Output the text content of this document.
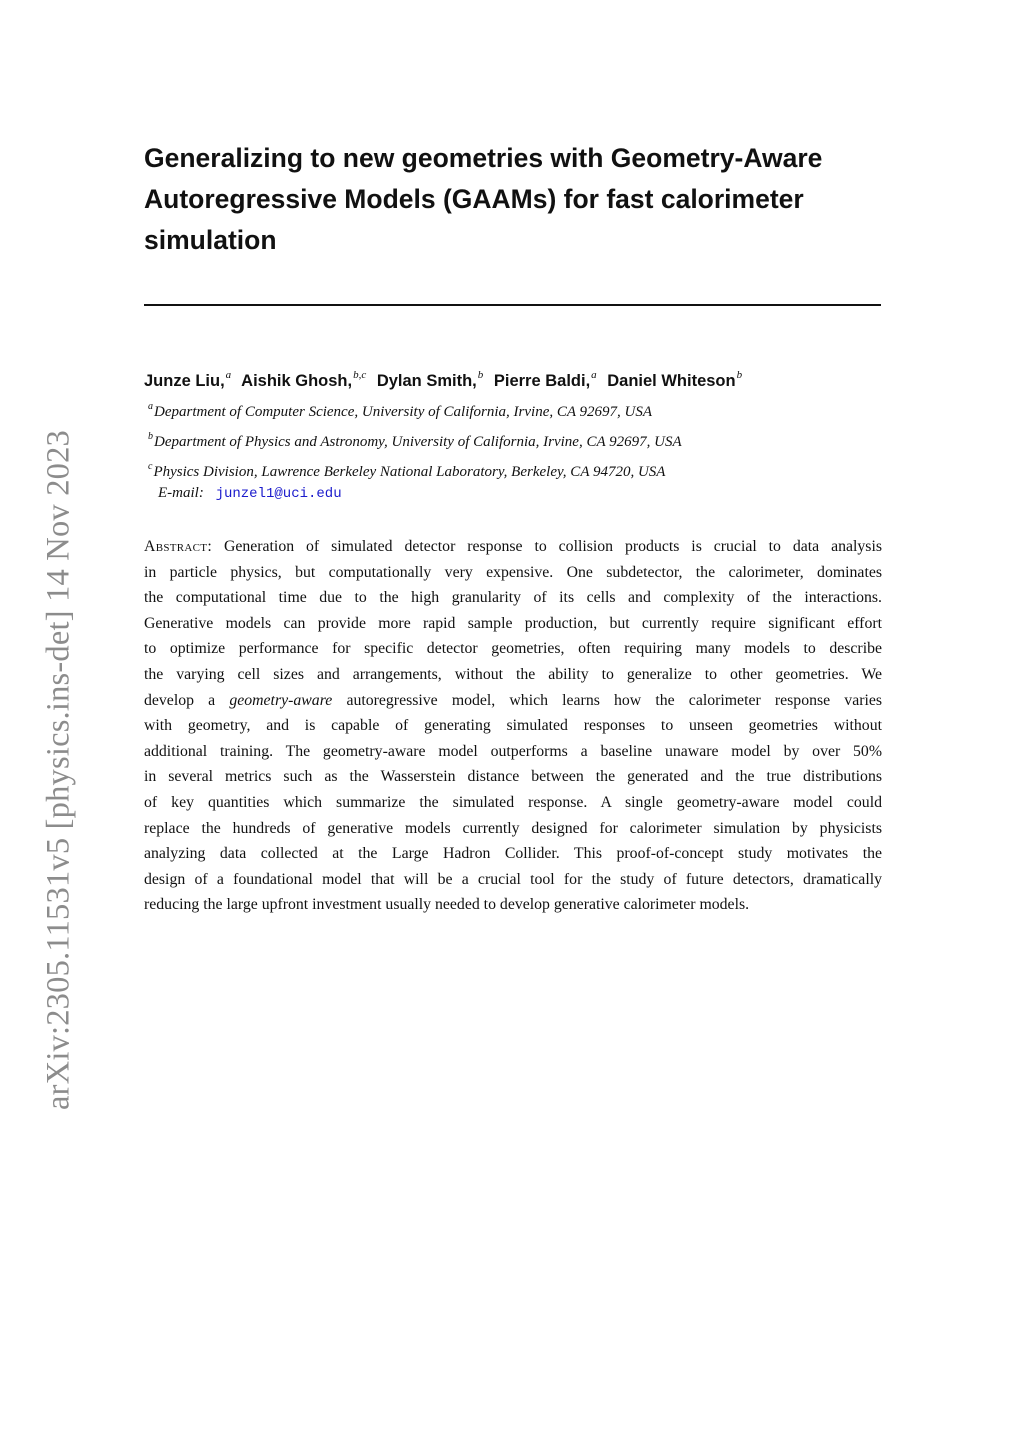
arXiv:2305.11531v5 [physics.ins-det] 14 Nov 2023
Generalizing to new geometries with Geometry-Aware
Autoregressive Models (GAAMs) for fast calorimeter
simulation
Junze Liu,$^a$ Aishik Ghosh,$^{b,c}$ Dylan Smith,$^b$ Pierre Baldi,$^a$ Daniel Whiteson$^b$
$^a$Department of Computer Science, University of California, Irvine, CA 92697, USA
$^b$Department of Physics and Astronomy, University of California, Irvine, CA 92697, USA
$^c$Physics Division, Lawrence Berkeley National Laboratory, Berkeley, CA 94720, USA
E-mail: junzel1@uci.edu
Abstract: Generation of simulated detector response to collision products is crucial to data analysis
in particle physics, but computationally very expensive. One subdetector, the calorimeter, dominates
the computational time due to the high granularity of its cells and complexity of the interactions.
Generative models can provide more rapid sample production, but currently require significant effort
to optimize performance for specific detector geometries, often requiring many models to describe
the varying cell sizes and arrangements, without the ability to generalize to other geometries. We
develop a geometry-aware autoregressive model, which learns how the calorimeter response varies
with geometry, and is capable of generating simulated responses to unseen geometries without
additional training. The geometry-aware model outperforms a baseline unaware model by over 50%
in several metrics such as the Wasserstein distance between the generated and the true distributions
of key quantities which summarize the simulated response. A single geometry-aware model could
replace the hundreds of generative models currently designed for calorimeter simulation by physicists
analyzing data collected at the Large Hadron Collider. This proof-of-concept study motivates the
design of a foundational model that will be a crucial tool for the study of future detectors, dramatically
reducing the large upfront investment usually needed to develop generative calorimeter models.
